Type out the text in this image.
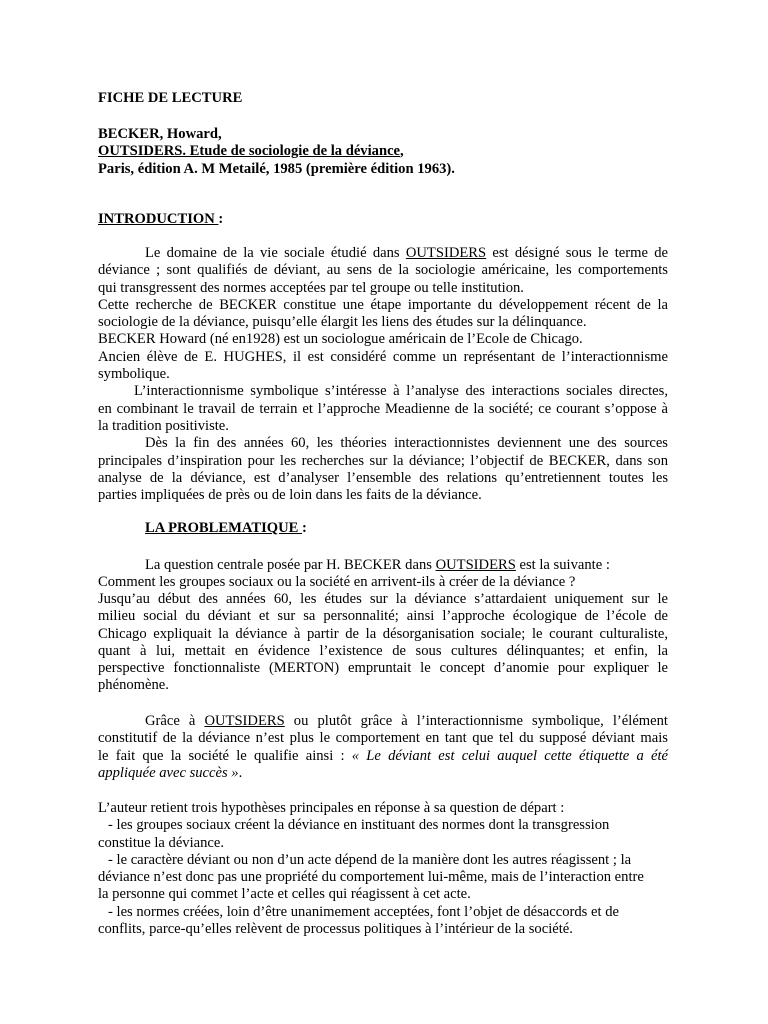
FICHE DE LECTURE
BECKER, Howard,
OUTSIDERS. Etude de sociologie de la déviance,
Paris, édition A. M Metailé, 1985 (première édition 1963).
INTRODUCTION :
Le domaine de la vie sociale étudié dans OUTSIDERS est désigné sous le terme de
déviance ; sont qualifiés de déviant, au sens de la sociologie américaine, les comportements
qui transgressent des normes acceptées par tel groupe ou telle institution.
Cette recherche de BECKER constitue une étape importante du développement récent de la
sociologie de la déviance, puisqu’elle élargit les liens des études sur la délinquance.
BECKER Howard (né en1928) est un sociologue américain de l’Ecole de Chicago.
Ancien élève de E. HUGHES, il est considéré comme un représentant de l’interactionnisme
symbolique.
L’interactionnisme symbolique s’intéresse à l’analyse des interactions sociales directes,
en combinant le travail de terrain et l’approche Meadienne de la société; ce courant s’oppose à
la tradition positiviste.
Dès la fin des années 60, les théories interactionnistes deviennent une des sources
principales d’inspiration pour les recherches sur la déviance; l’objectif de BECKER, dans son
analyse de la déviance, est d’analyser l’ensemble des relations qu’entretiennent toutes les
parties impliquées de près ou de loin dans les faits de la déviance.
LA PROBLEMATIQUE :
La question centrale posée par H. BECKER dans OUTSIDERS est la suivante :
Comment les groupes sociaux ou la société en arrivent-ils à créer de la déviance ?
Jusqu’au début des années 60, les études sur la déviance s’attardaient uniquement sur le
milieu social du déviant et sur sa personnalité; ainsi l’approche écologique de l’école de
Chicago expliquait la déviance à partir de la désorganisation sociale; le courant culturaliste,
quant à lui, mettait en évidence l’existence de sous cultures délinquantes; et enfin, la
perspective fonctionnaliste (MERTON) empruntait le concept d’anomie pour expliquer le
phénomène.
Grâce à OUTSIDERS ou plutôt grâce à l’interactionnisme symbolique, l’élément
constitutif de la déviance n’est plus le comportement en tant que tel du supposé déviant mais
le fait que la société le qualifie ainsi : « Le déviant est celui auquel cette étiquette a été
appliquée avec succès ».
L’auteur retient trois hypothèses principales en réponse à sa question de départ :
- les groupes sociaux créent la déviance en instituant des normes dont la transgression
constitue la déviance.
- le caractère déviant ou non d’un acte dépend de la manière dont les autres réagissent ; la
déviance n’est donc pas une propriété du comportement lui-même, mais de l’interaction entre
la personne qui commet l’acte et celles qui réagissent à cet acte.
- les normes créées, loin d’être unanimement acceptées, font l’objet de désaccords et de
conflits, parce-qu’elles relèvent de processus politiques à l’intérieur de la société.
